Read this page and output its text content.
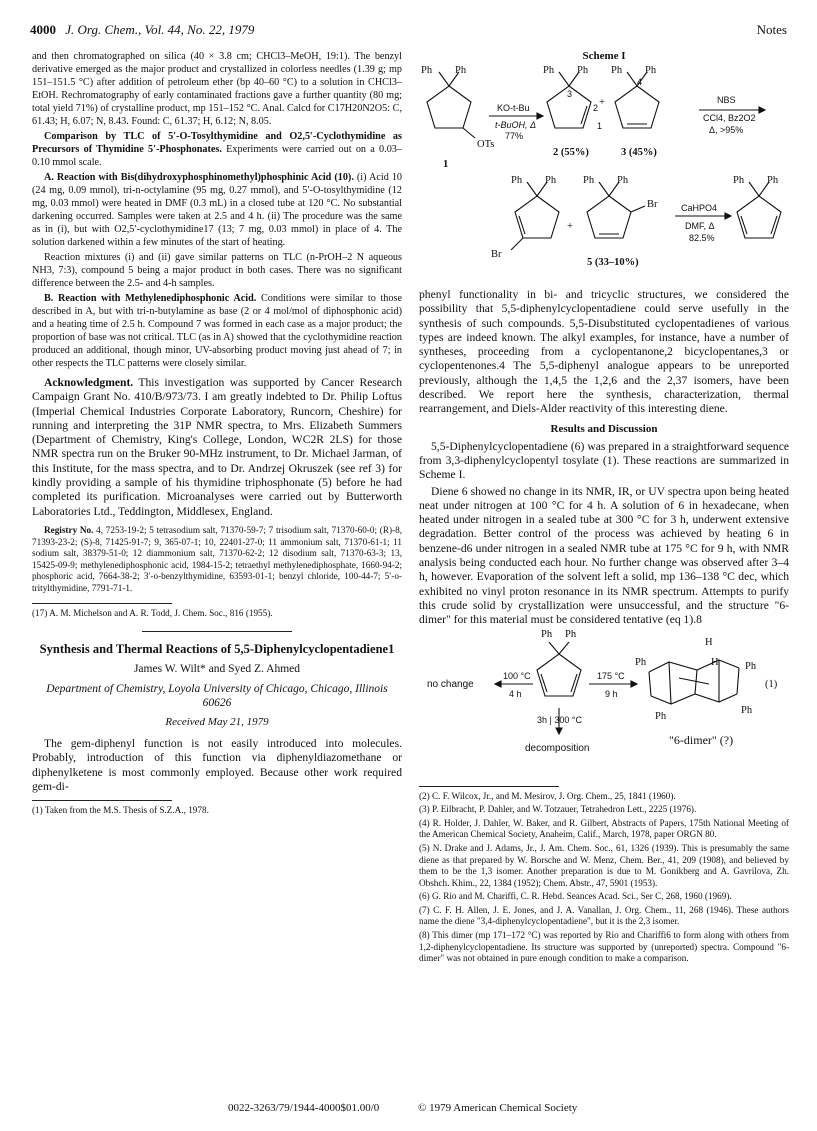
4000 J. Org. Chem., Vol. 44, No. 22, 1979	Notes

and then chromatographed on silica (40 × 3.8 cm; CHCl3–MeOH, 19:1). The benzyl derivative emerged as the major product and crystallized in colorless needles (1.39 g; mp 151–151.5 °C) after addition of petroleum ether (bp 40–60 °C) to a solution in CHCl3–EtOH. Rechromatography of early contaminated fractions gave a further quantity (80 mg; total yield 71%) of crystalline product, mp 151–152 °C. Anal. Calcd for C17H20N2O5: C, 61.43; H, 6.07; N, 8.43. Found: C, 61.37; H, 6.12; N, 8.05.

Comparison by TLC of 5′-O-Tosylthymidine and O2,5′-Cyclothymidine as Precursors of Thymidine 5′-Phosphonates. Experiments were carried out on a 0.03–0.10 mmol scale.

A. Reaction with Bis(dihydroxyphosphinomethyl)phosphinic Acid (10). (i) Acid 10 (24 mg, 0.09 mmol), tri-n-octylamine (95 mg, 0.27 mmol), and 5′-O-tosylthymidine (12 mg, 0.03 mmol) were heated in DMF (0.3 mL) in a closed tube at 120 °C. No substantial darkening occurred. Samples were taken at 2.5 and 4 h. (ii) The procedure was the same as in (i), but with O2,5′-cyclothymidine17 (13; 7 mg, 0.03 mmol) in place of 4. The solution darkened within a few minutes of the start of heating.

Reaction mixtures (i) and (ii) gave similar patterns on TLC (n-PrOH–2 N aqueous NH3, 7:3), compound 5 being a major product in both cases. There was no significant difference between the 2.5- and 4-h samples.

B. Reaction with Methylenediphosphonic Acid. Conditions were similar to those described in A, but with tri-n-butylamine as base (2 or 4 mol/mol of diphosphonic acid) and a heating time of 2.5 h. Compound 7 was formed in each case as a major product; the proportion of base was not critical. TLC (as in A) showed that the cyclothymidine reaction produced an additional, though minor, UV-absorbing product moving just ahead of 7; in other respects the TLC patterns were closely similar.

Acknowledgment. This investigation was supported by Cancer Research Campaign Grant No. 410/B/973/73. I am greatly indebted to Dr. Philip Loftus (Imperial Chemical Industries Corporate Laboratory, Runcorn, Cheshire) for running and interpreting the 31P NMR spectra, to Mrs. Elizabeth Summers (Department of Chemistry, King's College, London, WC2R 2LS) for those NMR spectra run on the Bruker 90-MHz instrument, to Dr. Michael Jarman, of this Institute, for the mass spectra, and to Dr. Andrzej Okruszek (see ref 3) for kindly providing a sample of his thymidine triphosphonate (5) before he had completed its purification. Microanalyses were carried out by Butterworth Laboratories Ltd., Teddington, Middlesex, England.

Registry No. 4, 7253-19-2; 5 tetrasodium salt, 71370-59-7; 7 trisodium salt, 71370-60-0; (R)-8, 71393-23-2; (S)-8, 71425-91-7; 9, 365-07-1; 10, 22401-27-0; 11 ammonium salt, 71370-61-1; 11 sodium salt, 38379-51-0; 12 diammonium salt, 71370-62-2; 12 disodium salt, 71370-63-3; 13, 15425-09-9; methylenediphosphonic acid, 1984-15-2; tetraethyl methylenediphosphate, 1660-94-2; phosphoric acid, 7664-38-2; 3′-o-benzylthymidine, 63593-01-1; benzyl chloride, 100-44-7; 5′-o-tritylthymidine, 7791-71-1.

(17) A. M. Michelson and A. R. Todd, J. Chem. Soc., 816 (1955).

Synthesis and Thermal Reactions of 5,5-Diphenylcyclopentadiene1
James W. Wilt* and Syed Z. Ahmed
Department of Chemistry, Loyola University of Chicago, Chicago, Illinois 60626
Received May 21, 1979

The gem-diphenyl function is not easily introduced into molecules. Probably, introduction of this function via diphenyldiazomethane or diphenylketene is most commonly employed. Because other work required gem-di-

(1) Taken from the M.S. Thesis of S.Z.A., 1978.

Scheme I
Ph Ph
OTs
1
KO-t-Bu
t-BuOH, Δ
77%
Ph Ph
2
1
3
+
Ph Ph
4
2 (55%)	3 (45%)
NBS
CCl4, Bz2O2
Δ, >95%
Ph Ph
Br
+
Ph Ph
Br
5 (33–10%)
CaHPO4
DMF, Δ
82.5%
Ph Ph

phenyl functionality in bi- and tricyclic structures, we considered the possibility that 5,5-diphenylcyclopentadiene could serve usefully in the synthesis of such compounds. 5,5-Disubstituted cyclopentadienes of various types are indeed known. The alkyl examples, for instance, have a number of syntheses, proceeding from a cyclopentanone,2 bicyclopentanes,3 or cyclopentenones.4 The 5,5-diphenyl analogue appears to be unreported previously, although the 1,4,5 the 1,2,6 and the 2,37 isomers, have been described. We report here the synthesis, characterization, thermal rearrangement, and Diels-Alder reactivity of this interesting diene.

Results and Discussion

5,5-Diphenylcyclopentadiene (6) was prepared in a straightforward sequence from 3,3-diphenylcyclopentyl tosylate (1). These reactions are summarized in Scheme I.

Diene 6 showed no change in its NMR, IR, or UV spectra upon being heated neat under nitrogen at 100 °C for 4 h. A solution of 6 in hexadecane, when heated under nitrogen in a sealed tube at 300 °C for 3 h, underwent extensive degradation. Better control of the process was achieved by heating 6 in benzene-d6 under nitrogen in a sealed NMR tube at 175 °C for 9 h, with NMR analysis being conducted each hour. No further change was observed after 3–4 h, however. Evaporation of the solvent left a solid, mp 136–138 °C dec, which exhibited no vinyl proton resonance in its NMR spectrum. Attempts to purify this crude solid by crystallization were unsuccessful, and the structure "6-dimer" for this material must be considered tentative (eq 1).8

Ph Ph
no change
100 °C
4 h
175 °C
9 h
3h | 300 °C
decomposition
H
H
Ph	Ph
Ph
Ph
(1)
"6-dimer" (?)

(2) C. F. Wilcox, Jr., and M. Mesirov, J. Org. Chem., 25, 1841 (1960).

(3) P. Eilbracht, P. Dahler, and W. Totzauer, Tetrahedron Lett., 2225 (1976).

(4) R. Holder, J. Dahler, W. Baker, and R. Gilbert, Abstracts of Papers, 175th National Meeting of the American Chemical Society, Anaheim, Calif., March, 1978, paper ORGN 80.

(5) N. Drake and J. Adams, Jr., J. Am. Chem. Soc., 61, 1326 (1939). This is presumably the same diene as that prepared by W. Borsche and W. Menz, Chem. Ber., 41, 209 (1908), and believed by them to be the 1,3 isomer. Another preparation is due to M. Gonikberg and A. Gavrilova, Zh. Obshch. Khim., 22, 1384 (1952); Chem. Abstr., 47, 5901 (1953).

(6) G. Rio and M. Chariffi, C. R. Hebd. Seances Acad. Sci., Ser C, 268, 1960 (1969).

(7) C. F. H. Allen, J. E. Jones, and J. A. Vanallan, J. Org. Chem., 11, 268 (1946). These authors name the diene "3,4-diphenylcyclopentadiene", but it is the 2,3 isomer.

(8) This dimer (mp 171–172 °C) was reported by Rio and Chariffi6 to form along with others from 1,2-diphenylcyclopentadiene. Its structure was supported by (unreported) spectra. Compound "6-dimer" was not obtained in pure enough condition to make a comparison.

0022-3263/79/1944-4000$01.00/0	© 1979 American Chemical Society
